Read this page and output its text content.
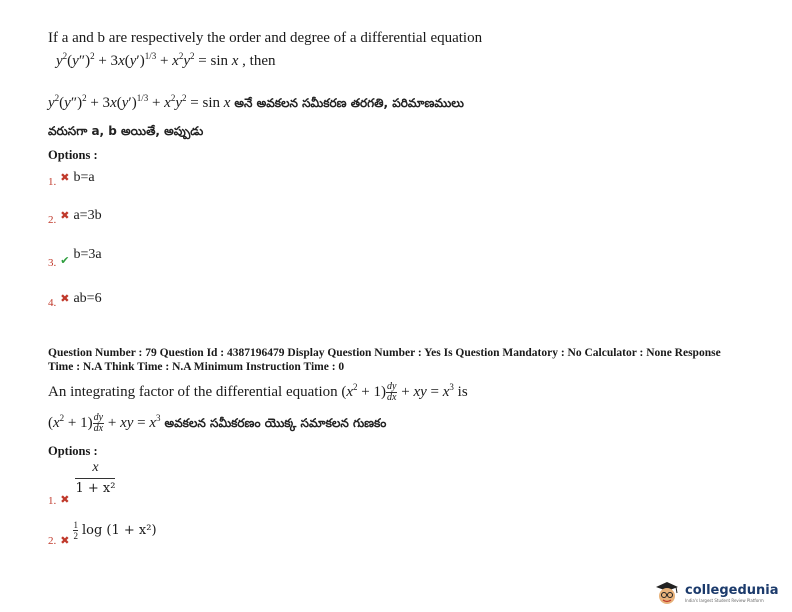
If a and b are respectively the order and degree of a differential equation
$y^2(y'')^2 + 3x(y')^{1/3} + x^2y^2 = \sin x$ , then
$y^2(y'')^2 + 3x(y')^{1/3} + x^2y^2 = \sin x$ అనే అవకలన సమీకరణ తరగతి, పరిమాణములు
వరుసగా a, b అయితే, అప్పుడు
Options :
$_{1.}$ ✖ b=a
$_{2.}$ ✖ a=3b
$_{3.}$ $_✔$ b=3a
$_{4.}$ ✖ ab=6
Question Number : 79 Question Id : 4387196479 Display Question Number : Yes Is Question Mandatory : No Calculator : None Response
Time : N.A Think Time : N.A Minimum Instruction Time : 0
An integrating factor of the differential equation $(x^2 + 1) \frac{dy}{dx}$ + xy = $x^3$ is
$(x^2 + 1) \frac{dy}{dx}$ + xy = $x^3$ అవకలన సమీకరణం యొక్క సమాకలన గుణకం
Options :
$_{1.}$ $_✖$
$\frac{x}{\text{1 + x²}}$
$_{2.}$ $_✖$
$\frac{1}{2}$ log (1 + x²)
collegedunia
India's largest Student Review Platform
